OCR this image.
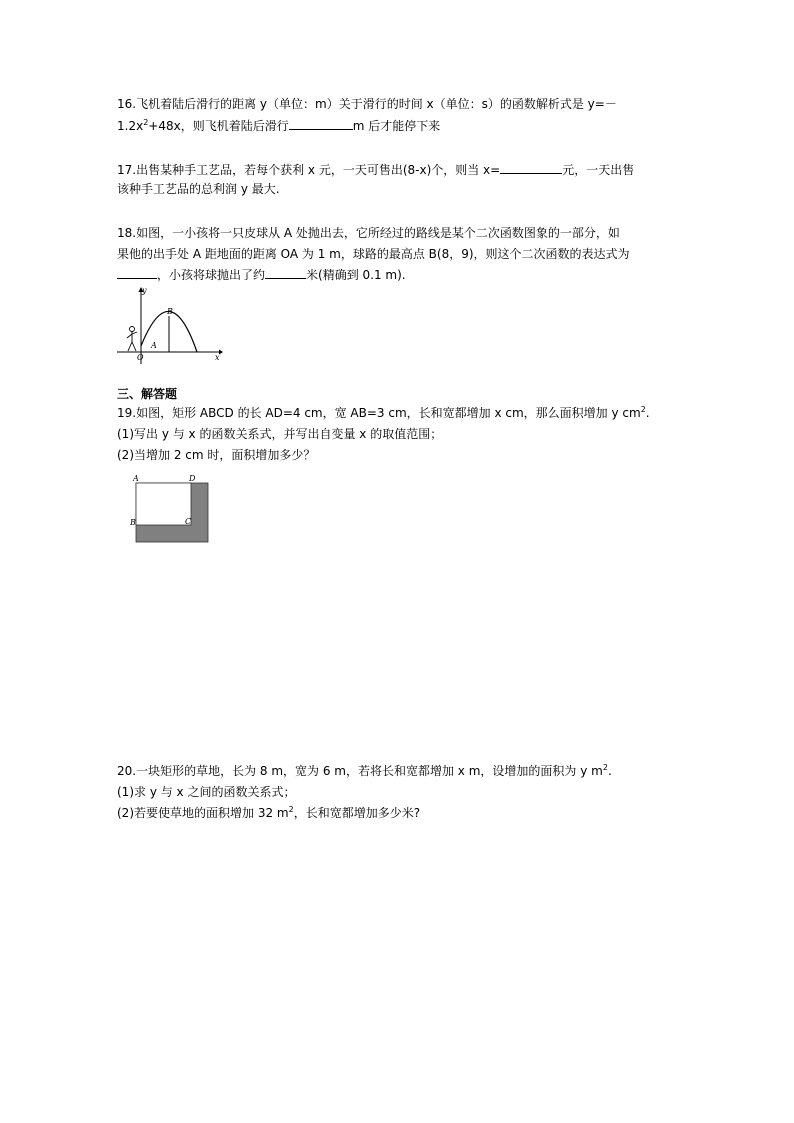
16.飞机着陆后滑行的距离 y（单位：m）关于滑行的时间 x（单位：s）的函数解析式是 y=－
$1.2x^2+48x$，则飞机着陆后滑行	m 后才能停下来
17.出售某种手工艺品，若每个获利 x 元，一天可售出(8-x)个，则当 x=	元，一天出售
该种手工艺品的总利润 y 最大.
18.如图，一小孩将一只皮球从 A 处抛出去，它所经过的路线是某个二次函数图象的一部分，如
果他的出手处 A 距地面的距离 OA 为 1 m，球路的最高点 B(8，9)，则这个二次函数的表达式为
，小孩将球抛出了约	米(精确到 0.1 m).
y
x
O
A
B
三、解答题
19.如图，矩形 ABCD 的长 AD=4 cm，宽 AB=3 cm，长和宽都增加 x cm，那么面积增加 y $cm^2$.
(1)写出 y 与 x 的函数关系式，并写出自变量 x 的取值范围；
(2)当增加 2 cm 时，面积增加多少？
A	D
B	C
20.一块矩形的草地，长为 8 m，宽为 6 m，若将长和宽都增加 x m，设增加的面积为 y $m^2$.
(1)求 y 与 x 之间的函数关系式；
(2)若要使草地的面积增加 32 $m^2$，长和宽都增加多少米?
